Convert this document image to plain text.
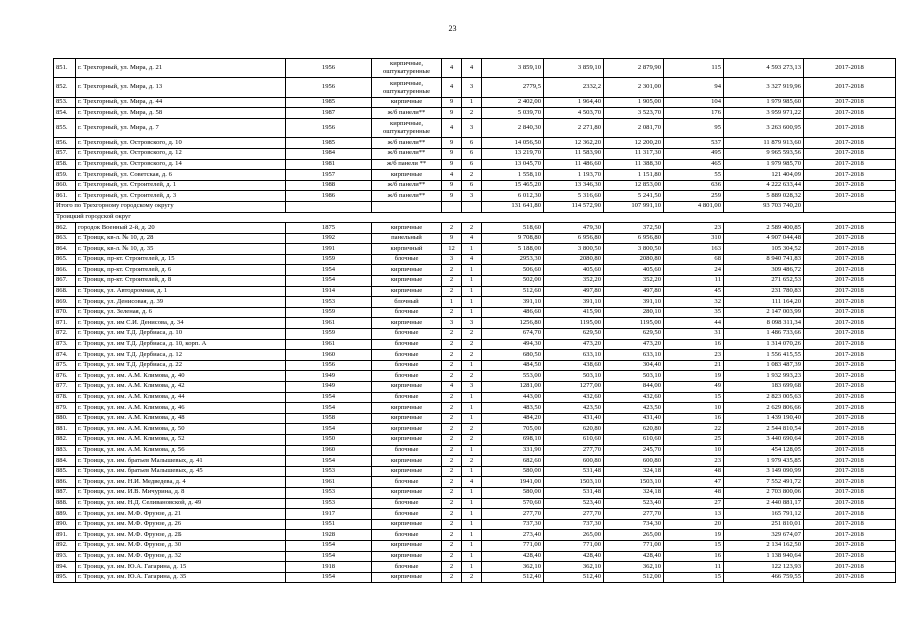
23
851.	г. Трехгорный, ул. Мира, д. 21	1956	кирпичные, оштукатуренные	4	4	3 859,10	3 859,10	2 879,90	115	4 593 273,13	2017-2018
852.	г. Трехгорный, ул. Мира, д. 13	1956	кирпичные, оштукатуренные	4	3	2779,5	2332,2	2 301,00	94	3 327 919,96	2017-2018
853.	г. Трехгорный, ул. Мира, д. 44	1985	кирпичные	9	1	2 402,00	1 964,40	1 905,00	104	1 979 985,60	2017-2018
854.	г. Трехгорный, ул. Мира, д. 58	1987	ж/б панели**	9	2	5 039,70	4 503,70	3 523,70	176	3 959 971,22	2017-2018
855.	г. Трехгорный, ул. Мира, д. 7	1956	кирпичные, оштукатуренные	4	3	2 840,30	2 271,80	2 081,70	95	3 263 600,95	2017-2018
856.	г. Трехгорный, ул. Островского, д. 10	1985	ж/б панели**	9	6	14 056,50	12 362,20	12 200,20	537	11 879 913,60	2017-2018
857.	г. Трехгорный, ул. Островского, д. 12	1984	ж/б панели**	9	6	13 219,70	11 583,90	11 317,30	495	9 965 593,56	2017-2018
858.	г. Трехгорный, ул. Островского, д. 14	1981	ж/б панели **	9	6	13 045,70	11 486,60	11 388,30	465	1 979 985,70	2017-2018
859.	г. Трехгорный, ул. Советская, д. 6	1957	кирпичные	4	2	1 558,10	1 193,70	1 151,80	55	121 404,09	2017-2018
860.	г. Трехгорный, ул. Строителей, д. 1	1988	ж/б панели**	9	6	15 465,20	13 346,30	12 853,00	636	4 222 633,44	2017-2018
861.	г. Трехгорный, ул. Строителей, д. 3	1986	ж/б панели**	9	3	6 012,30	5 316,60	5 241,50	259	5 889 028,32	2017-2018
Итого по Трехгорному городскому округу						131 641,80	114 572,90	107 991,10	4 801,00	93 703 740,20	
Троицкий городской округ											
862.	городок Военный 2-й, д. 20	1875	кирпичные	2	2	518,60	479,30	372,50	23	2 589 400,85	2017-2018
863.	г. Троицк, кв-л. № 10, д. 28	1992	панельный	9	4	9 708,80	6 956,80	6 956,80	310	4 907 044,48	2017-2018
864.	г. Троицк, кв-л. № 10, д. 35	1991	кирпичный	12	1	5 188,00	3 800,50	3 800,50	163	105 304,52	2017-2018
865.	г. Троицк, пр-кт. Строителей, д. 15	1959	блочные	3	4	2953,30	2080,80	2080,80	68	8 940 741,83	2017-2018
866.	г. Троицк, пр-кт. Строителей, д. 6	1954	кирпичные	2	1	506,60	405,60	405,60	24	309 486,72	2017-2018
867.	г. Троицк, пр-кт. Строителей, д. 8	1954	кирпичные	2	1	502,00	352,20	352,20	11	271 652,53	2017-2018
868.	г. Троицк, ул. Автодромная, д. 1	1914	кирпичные	2	1	512,60	497,80	497,80	45	231 780,83	2017-2018
869.	г. Троицк, ул. Денисовая, д. 39	1953	блочный	1	1	391,10	391,10	391,10	32	111 164,20	2017-2018
870.	г. Троицк, ул. Зеленая, д. 6	1959	блочные	2	1	486,60	415,90	280,10	35	2 147 003,99	2017-2018
871.	г. Троицк, ул. им С.И. Денисова, д. 34	1961	кирпичные	3	3	1256,80	1195,00	1195,00	44	8 098 311,34	2017-2018
872.	г. Троицк, ул. им Т.Д. Дербиаса, д. 10	1959	блочные	2	2	674,70	629,50	629,50	31	1 486 733,66	2017-2018
873.	г. Троицк, ул. им Т.Д. Дербиаса, д. 10, корп. А	1961	блочные	2	2	494,30	473,20	473,20	16	1 314 070,26	2017-2018
874.	г. Троицк, ул. им Т.Д. Дербиаса, д. 12	1960	блочные	2	2	680,50	633,10	633,10	23	1 556 415,55	2017-2018
875.	г. Троицк, ул. им Т.Д. Дербиаса, д. 22	1956	блочные	2	1	484,50	438,60	304,40	21	1 083 487,39	2017-2018
876.	г. Троицк, ул. им. А.М. Климова, д. 40	1949	блочные	2	2	553,00	503,10	503,10	19	1 932 993,23	2017-2018
877.	г. Троицк, ул. им. А.М. Климова, д. 42	1949	кирпичные	4	3	1281,00	1277,00	844,00	49	183 699,68	2017-2018
878.	г. Троицк, ул. им. А.М. Климова, д. 44	1954	блочные	2	1	443,00	432,60	432,60	15	2 823 005,63	2017-2018
879.	г. Троицк, ул. им. А.М. Климова, д. 46	1954	кирпичные	2	1	483,50	423,50	423,50	10	2 629 806,66	2017-2018
880.	г. Троицк, ул. им. А.М. Климова, д. 48	1958	кирпичные	2	1	484,20	431,40	431,40	16	1 439 190,40	2017-2018
881.	г. Троицк, ул. им. А.М. Климова, д. 50	1954	кирпичные	2	2	705,00	620,80	620,80	22	2 544 810,54	2017-2018
882.	г. Троицк, ул. им. А.М. Климова, д. 52	1950	кирпичные	2	2	698,10	610,60	610,60	25	3 440 690,64	2017-2018
883.	г. Троицк, ул. им. А.М. Климова, д. 56	1960	блочные	2	1	331,90	277,70	245,70	10	454 128,05	2017-2018
884.	г. Троицк, ул. им. братьев Малышевых, д. 41	1954	кирпичные	2	2	682,60	600,80	600,80	23	1 979 435,85	2017-2018
885.	г. Троицк, ул. им. братьев Малышевых, д. 45	1953	кирпичные	2	1	580,00	531,48	324,18	48	3 149 090,99	2017-2018
886.	г. Троицк, ул. им. Н.И. Медведева, д. 4	1961	блочные	2	4	1941,00	1503,10	1503,10	47	7 552 491,72	2017-2018
887.	г. Троицк, ул. им. И.В. Мичурина, д. 8	1953	кирпичные	2	1	580,00	531,48	324,18	48	2 703 800,06	2017-2018
888.	г. Троицк, ул. им. Н.Д. Селивановской, д. 49	1953	блочные	2	1	570,60	523,40	523,40	27	2 440 881,17	2017-2018
889.	г. Троицк, ул. им. М.Ф. Фрунзе, д. 21	1917	блочные	2	1	277,70	277,70	277,70	13	165 791,12	2017-2018
890.	г. Троицк, ул. им. М.Ф. Фрунзе, д. 26	1951	кирпичные	2	1	737,30	737,30	734,30	20	251 810,01	2017-2018
891.	г. Троицк, ул. им. М.Ф. Фрунзе, д. 2Б	1928	блочные	2	1	273,40	265,00	265,00	19	329 674,07	2017-2018
892.	г. Троицк, ул. им. М.Ф. Фрунзе, д. 30	1954	кирпичные	2	1	771,00	771,00	771,00	15	2 134 162,50	2017-2018
893.	г. Троицк, ул. им. М.Ф. Фрунзе, д. 32	1954	кирпичные	2	1	428,40	428,40	428,40	16	1 138 940,64	2017-2018
894.	г. Троицк, ул. им. Ю.А. Гагарина, д. 15	1918	блочные	2	1	362,10	362,10	362,10	11	122 123,93	2017-2018
895.	г. Троицк, ул. им. Ю.А. Гагарина, д. 35	1954	кирпичные	2	2	512,40	512,40	512,00	15	466 759,55	2017-2018
